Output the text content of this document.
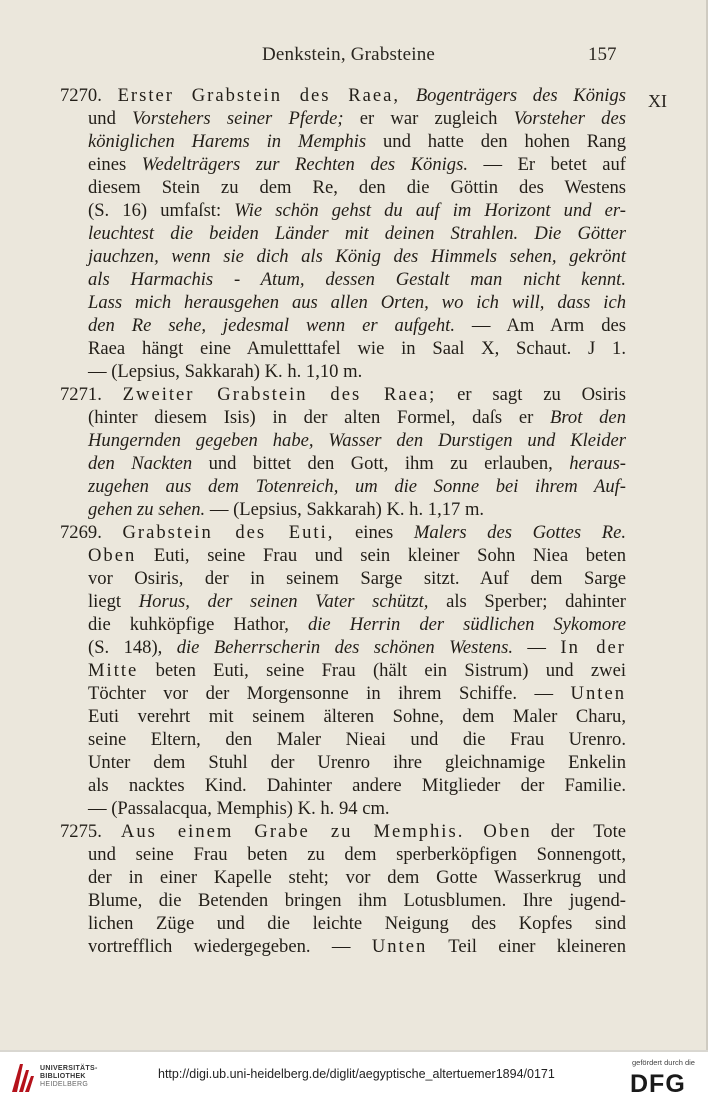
Denkstein, Grabsteine	157
XI
7270. Erster Grabstein des Raea, Bogenträgers des Königs
und Vorstehers seiner Pferde; er war zugleich Vorsteher des
königlichen Harems in Memphis und hatte den hohen Rang
eines Wedelträgers zur Rechten des Königs. — Er betet auf
diesem Stein zu dem Re, den die Göttin des Westens
(S. 16) umfaſst: Wie schön gehst du auf im Horizont und er-
leuchtest die beiden Länder mit deinen Strahlen. Die Götter
jauchzen, wenn sie dich als König des Himmels sehen, gekrönt
als Harmachis - Atum, dessen Gestalt man nicht kennt.
Lass mich herausgehen aus allen Orten, wo ich will, dass ich
den Re sehe, jedesmal wenn er aufgeht. — Am Arm des
Raea hängt eine Amuletttafel wie in Saal X, Schaut. J 1.
— (Lepsius, Sakkarah) K. h. 1,10 m.
7271. Zweiter Grabstein des Raea; er sagt zu Osiris
(hinter diesem Isis) in der alten Formel, daſs er Brot den
Hungernden gegeben habe, Wasser den Durstigen und Kleider
den Nackten und bittet den Gott, ihm zu erlauben, heraus-
zugehen aus dem Totenreich, um die Sonne bei ihrem Auf-
gehen zu sehen. — (Lepsius, Sakkarah) K. h. 1,17 m.
7269. Grabstein des Euti, eines Malers des Gottes Re.
Oben Euti, seine Frau und sein kleiner Sohn Niea beten
vor Osiris, der in seinem Sarge sitzt. Auf dem Sarge
liegt Horus, der seinen Vater schützt, als Sperber; dahinter
die kuhköpfige Hathor, die Herrin der südlichen Sykomore
(S. 148), die Beherrscherin des schönen Westens. — In der
Mitte beten Euti, seine Frau (hält ein Sistrum) und zwei
Töchter vor der Morgensonne in ihrem Schiffe. — Unten
Euti verehrt mit seinem älteren Sohne, dem Maler Charu,
seine Eltern, den Maler Nieai und die Frau Urenro.
Unter dem Stuhl der Urenro ihre gleichnamige Enkelin
als nacktes Kind. Dahinter andere Mitglieder der Familie.
— (Passalacqua, Memphis) K. h. 94 cm.
7275. Aus einem Grabe zu Memphis. Oben der Tote
und seine Frau beten zu dem sperberköpfigen Sonnengott,
der in einer Kapelle steht; vor dem Gotte Wasserkrug und
Blume, die Betenden bringen ihm Lotusblumen. Ihre jugend-
lichen Züge und die leichte Neigung des Kopfes sind
vortrefflich wiedergegeben. — Unten Teil einer kleineren
UNIVERSITÄTS-
BIBLIOTHEK
HEIDELBERG
http://digi.ub.uni-heidelberg.de/diglit/aegyptische_altertuemer1894/0171
gefördert durch die
DFG
